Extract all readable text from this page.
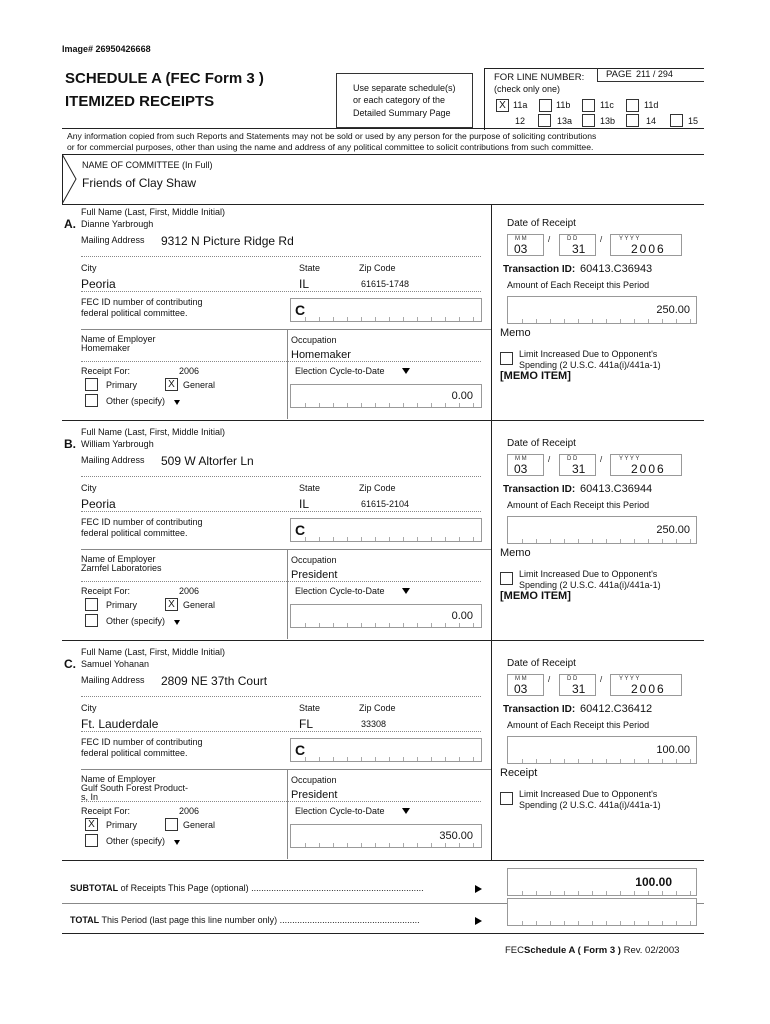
Image# 26950426668
SCHEDULE A (FEC Form 3 )
ITEMIZED RECEIPTS
Use separate schedule(s)
or each category of the
Detailed Summary Page
FOR LINE NUMBER:
(check only one)
PAGE 211 / 294
X 11a	11b	11c	11d
12	13a	13b	14	15
Any information copied from such Reports and Statements may not be sold or used by any person for the purpose of soliciting contributions
or for commercial purposes, other than using the name and address of any political committee to solicit contributions from such committee.
NAME OF COMMITTEE (In Full)
Friends of Clay Shaw
Full Name (Last, First, Middle Initial)
A. Dianne Yarbrough
Mailing Address 9312 N Picture Ridge Rd
City	State	Zip Code
Peoria	IL	61615-1748
FEC ID number of contributing
federal political committee.	C
Name of Employer
Homemaker
Occupation
Homemaker
Receipt For:	2006	Election Cycle-to-Date
Primary	X General
Other (specify)	0.00
Date of Receipt
M M
03
/	D D
31
/	Y Y Y Y
2006
Transaction ID: 60413.C36943
Amount of Each Receipt this Period
250.00
Memo
Limit Increased Due to Opponent's
Spending (2 U.S.C. 441a(i)/441a-1)
[MEMO ITEM]
Full Name (Last, First, Middle Initial)
B. William Yarbrough
Mailing Address 509 W Altorfer Ln
City	State	Zip Code
Peoria	IL	61615-2104
FEC ID number of contributing
federal political committee.	C
Name of Employer
Zarnfel Laboratories
Occupation
President
Receipt For:	2006	Election Cycle-to-Date
Primary	X General
Other (specify)	0.00
Date of Receipt
M M
03
/	D D
31
/	Y Y Y Y
2006
Transaction ID: 60413.C36944
Amount of Each Receipt this Period
250.00
Memo
Limit Increased Due to Opponent's
Spending (2 U.S.C. 441a(i)/441a-1)
[MEMO ITEM]
Full Name (Last, First, Middle Initial)
C. Samuel Yohanan
Mailing Address 2809 NE 37th Court
City	State	Zip Code
Ft. Lauderdale	FL	33308
FEC ID number of contributing
federal political committee.	C
Name of Employer
Gulf South Forest Product-
s, In
Occupation
President
Receipt For:	2006	Election Cycle-to-Date
X	Primary	General
Other (specify)	350.00
Date of Receipt
M M
03
/	D D
31
/	Y Y Y Y
2006
Transaction ID: 60412.C36412
Amount of Each Receipt this Period
100.00
Receipt
Limit Increased Due to Opponent's
Spending (2 U.S.C. 441a(i)/441a-1)
SUBTOTAL of Receipts This Page (optional) .....................................................................	100.00
TOTAL This Period (last page this line number only) ........................................................
FECSchedule A ( Form 3 ) Rev. 02/2003
